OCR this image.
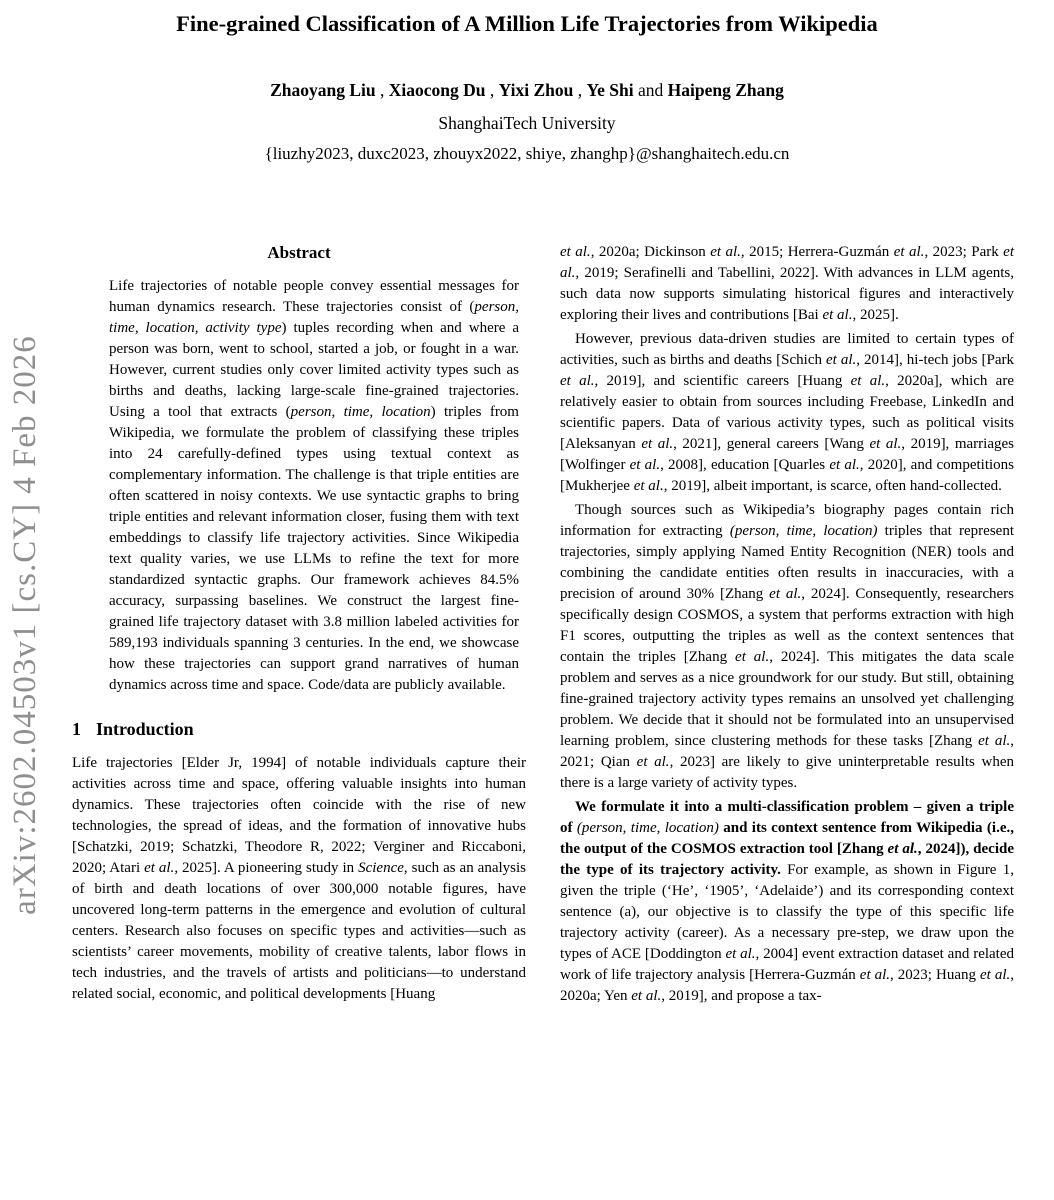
arXiv:2602.04503v1 [cs.CY] 4 Feb 2026
Fine-grained Classification of A Million Life Trajectories from Wikipedia
Zhaoyang Liu , Xiaocong Du , Yixi Zhou , Ye Shi and Haipeng Zhang
ShanghaiTech University
{liuzhy2023, duxc2023, zhouyx2022, shiye, zhanghp}@shanghaitech.edu.cn
Abstract

Life trajectories of notable people convey essential messages for human dynamics research. These trajectories consist of (person, time, location, activity type) tuples recording when and where a person was born, went to school, started a job, or fought in a war. However, current studies only cover limited activity types such as births and deaths, lacking large-scale fine-grained trajectories. Using a tool that extracts (person, time, location) triples from Wikipedia, we formulate the problem of classifying these triples into 24 carefully-defined types using textual context as complementary information. The challenge is that triple entities are often scattered in noisy contexts. We use syntactic graphs to bring triple entities and relevant information closer, fusing them with text embeddings to classify life trajectory activities. Since Wikipedia text quality varies, we use LLMs to refine the text for more standardized syntactic graphs. Our framework achieves 84.5% accuracy, surpassing baselines. We construct the largest fine-grained life trajectory dataset with 3.8 million labeled activities for 589,193 individuals spanning 3 centuries. In the end, we showcase how these trajectories can support grand narratives of human dynamics across time and space. Code/data are publicly available.

1 Introduction

Life trajectories [Elder Jr, 1994] of notable individuals capture their activities across time and space, offering valuable insights into human dynamics. These trajectories often coincide with the rise of new technologies, the spread of ideas, and the formation of innovative hubs [Schatzki, 2019; Schatzki, Theodore R, 2022; Verginer and Riccaboni, 2020; Atari et al., 2025]. A pioneering study in Science, such as an analysis of birth and death locations of over 300,000 notable figures, have uncovered long-term patterns in the emergence and evolution of cultural centers. Research also focuses on specific types and activities—such as scientists’ career movements, mobility of creative talents, labor flows in tech industries, and the travels of artists and politicians—to understand related social, economic, and political developments [Huang

et al., 2020a; Dickinson et al., 2015; Herrera-Guzmán et al., 2023; Park et al., 2019; Serafinelli and Tabellini, 2022]. With advances in LLM agents, such data now supports simulating historical figures and interactively exploring their lives and contributions [Bai et al., 2025].

However, previous data-driven studies are limited to certain types of activities, such as births and deaths [Schich et al., 2014], hi-tech jobs [Park et al., 2019], and scientific careers [Huang et al., 2020a], which are relatively easier to obtain from sources including Freebase, LinkedIn and scientific papers. Data of various activity types, such as political visits [Aleksanyan et al., 2021], general careers [Wang et al., 2019], marriages [Wolfinger et al., 2008], education [Quarles et al., 2020], and competitions [Mukherjee et al., 2019], albeit important, is scarce, often hand-collected.

Though sources such as Wikipedia’s biography pages contain rich information for extracting (person, time, location) triples that represent trajectories, simply applying Named Entity Recognition (NER) tools and combining the candidate entities often results in inaccuracies, with a precision of around 30% [Zhang et al., 2024]. Consequently, researchers specifically design COSMOS, a system that performs extraction with high F1 scores, outputting the triples as well as the context sentences that contain the triples [Zhang et al., 2024]. This mitigates the data scale problem and serves as a nice groundwork for our study. But still, obtaining fine-grained trajectory activity types remains an unsolved yet challenging problem. We decide that it should not be formulated into an unsupervised learning problem, since clustering methods for these tasks [Zhang et al., 2021; Qian et al., 2023] are likely to give uninterpretable results when there is a large variety of activity types.

We formulate it into a multi-classification problem – given a triple of (person, time, location) and its context sentence from Wikipedia (i.e., the output of the COSMOS extraction tool [Zhang et al., 2024]), decide the type of its trajectory activity. For example, as shown in Figure 1, given the triple (‘He’, ‘1905’, ‘Adelaide’) and its corresponding context sentence (a), our objective is to classify the type of this specific life trajectory activity (career). As a necessary pre-step, we draw upon the types of ACE [Doddington et al., 2004] event extraction dataset and related work of life trajectory analysis [Herrera-Guzmán et al., 2023; Huang et al., 2020a; Yen et al., 2019], and propose a tax-
